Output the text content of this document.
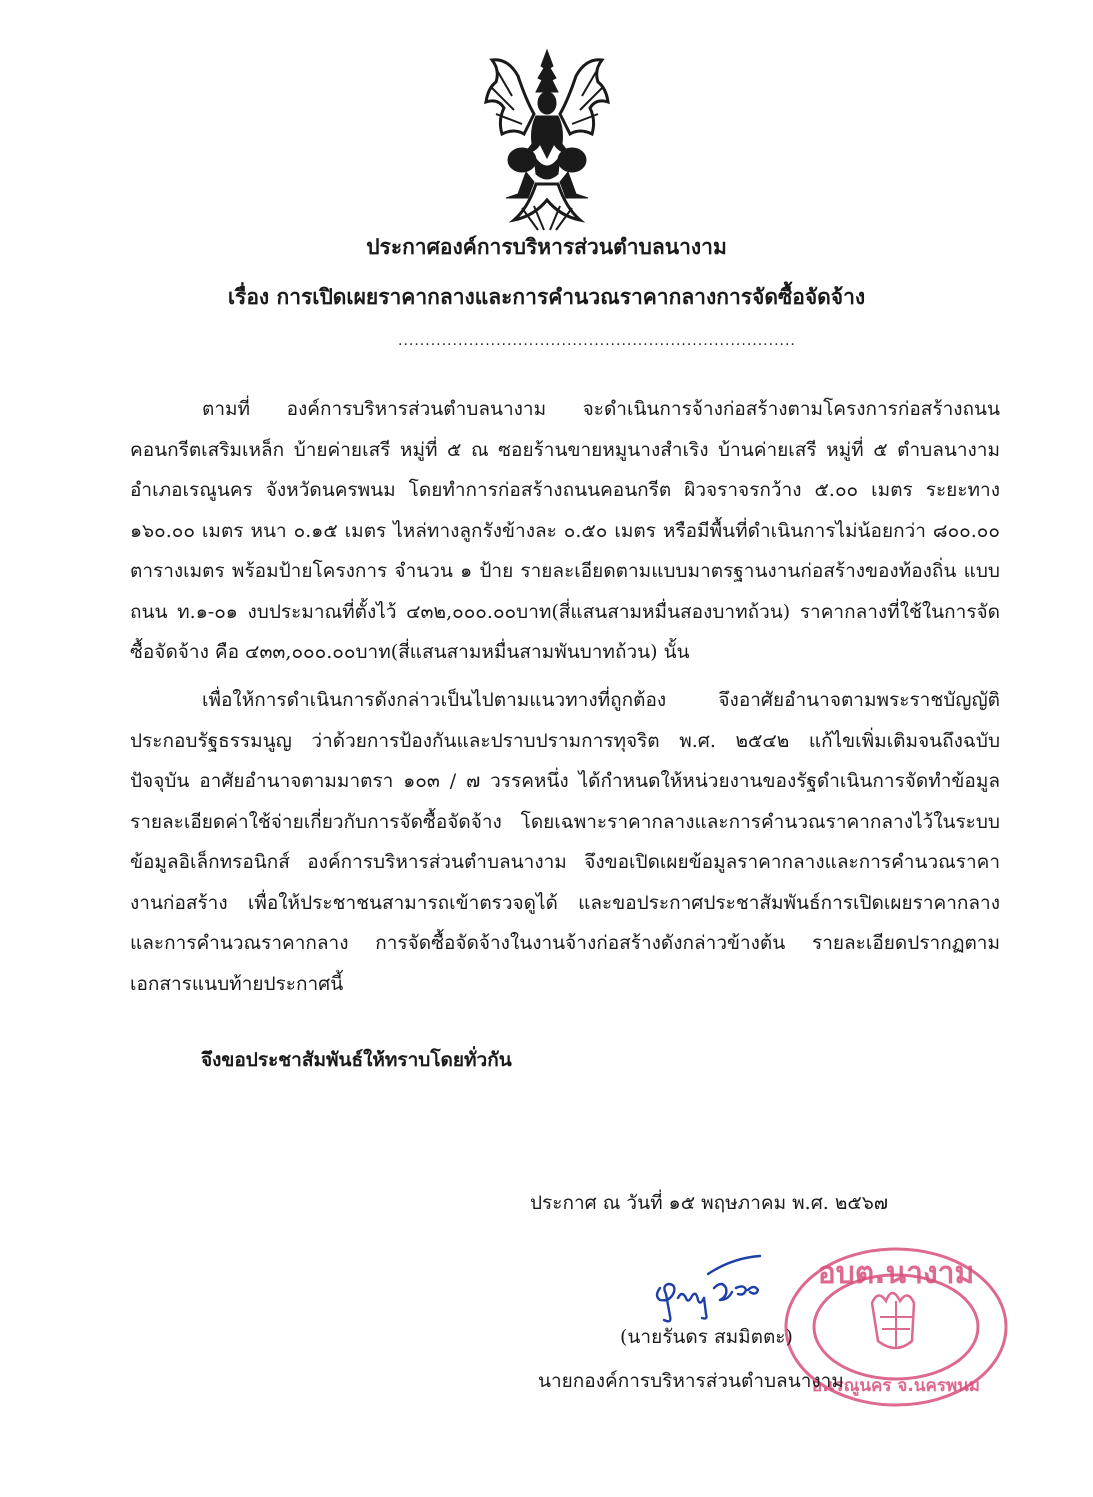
ประกาศองค์การบริหารส่วนตำบลนางาม
เรื่อง การเปิดเผยราคากลางและการคำนวณราคากลางการจัดซื้อจัดจ้าง
.........................................................................
ตามที่ องค์การบริหารส่วนตำบลนางาม จะดำเนินการจ้างก่อสร้างตามโครงการก่อสร้างถนนคอนกรีตเสริมเหล็ก บ้ายค่ายเสรี หมู่ที่ ๕ ณ ซอยร้านขายหมูนางสำเริง บ้านค่ายเสรี หมู่ที่ ๕ ตำบลนางาม อำเภอเรณูนคร จังหวัดนครพนม โดยทำการก่อสร้างถนนคอนกรีต ผิวจราจรกว้าง ๕.๐๐ เมตร ระยะทาง ๑๖๐.๐๐ เมตร หนา ๐.๑๕ เมตร ไหล่ทางลูกรังข้างละ ๐.๕๐ เมตร หรือมีพื้นที่ดำเนินการไม่น้อยกว่า ๘๐๐.๐๐ ตารางเมตร พร้อมป้ายโครงการ จำนวน ๑ ป้าย รายละเอียดตามแบบมาตรฐานงานก่อสร้างของท้องถิ่น แบบถนน ท.๑-๐๑ งบประมาณที่ตั้งไว้ ๔๓๒,๐๐๐.๐๐บาท(สี่แสนสามหมื่นสองบาทถ้วน) ราคากลางที่ใช้ในการจัดซื้อจัดจ้าง คือ ๔๓๓,๐๐๐.๐๐บาท(สี่แสนสามหมื่นสามพันบาทถ้วน) นั้น
เพื่อให้การดำเนินการดังกล่าวเป็นไปตามแนวทางที่ถูกต้อง จึงอาศัยอำนาจตามพระราชบัญญัติประกอบรัฐธรรมนูญ ว่าด้วยการป้องกันและปราบปรามการทุจริต พ.ศ. ๒๕๔๒ แก้ไขเพิ่มเติมจนถึงฉบับปัจจุบัน อาศัยอำนาจตามมาตรา ๑๐๓ / ๗ วรรคหนึ่ง ได้กำหนดให้หน่วยงานของรัฐดำเนินการจัดทำข้อมูลรายละเอียดค่าใช้จ่ายเกี่ยวกับการจัดซื้อจัดจ้าง โดยเฉพาะราคากลางและการคำนวณราคากลางไว้ในระบบข้อมูลอิเล็กทรอนิกส์ องค์การบริหารส่วนตำบลนางาม จึงขอเปิดเผยข้อมูลราคากลางและการคำนวณราคางานก่อสร้าง เพื่อให้ประชาชนสามารถเข้าตรวจดูได้ และขอประกาศประชาสัมพันธ์การเปิดเผยราคากลางและการคำนวณราคากลาง การจัดซื้อจัดจ้างในงานจ้างก่อสร้างดังกล่าวข้างต้น รายละเอียดปรากฏตามเอกสารแนบท้ายประกาศนี้
จึงขอประชาสัมพันธ์ให้ทราบโดยทั่วกัน
ประกาศ ณ วันที่ ๑๕ พฤษภาคม พ.ศ. ๒๕๖๗
อบต.นางาม
อ.เรณูนคร จ.นครพนม
(นายรันดร สมมิตตะ)
นายกองค์การบริหารส่วนตำบลนางาม
